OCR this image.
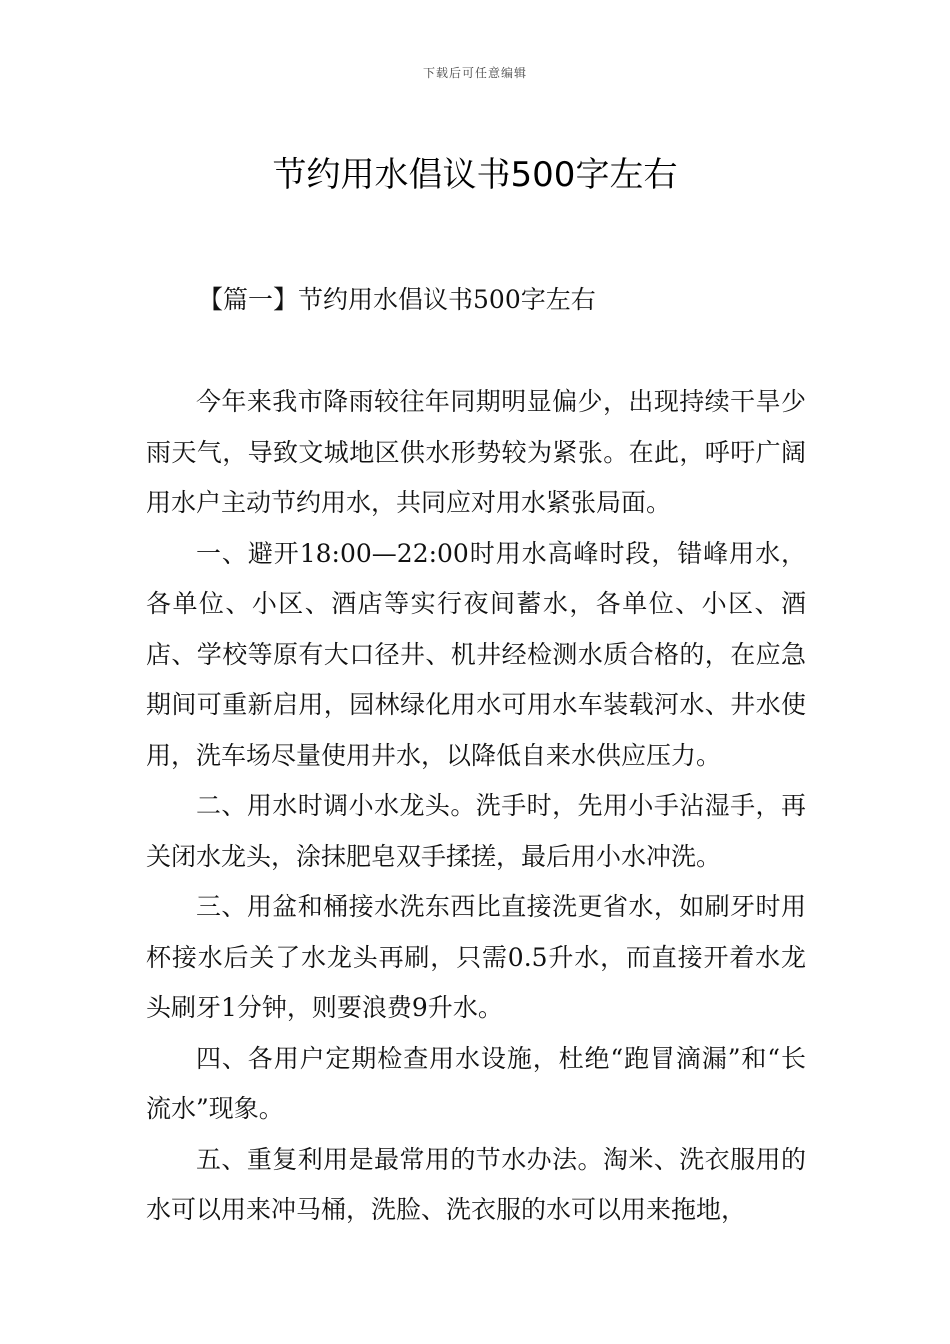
下载后可任意编辑
节约用水倡议书500字左右
【篇一】节约用水倡议书500字左右

今年来我市降雨较往年同期明显偏少，出现持续干旱少雨天气，导致文城地区供水形势较为紧张。在此，呼吁广阔用水户主动节约用水，共同应对用水紧张局面。

一、避开18:00—22:00时用水高峰时段，错峰用水，各单位、小区、酒店等实行夜间蓄水，各单位、小区、酒店、学校等原有大口径井、机井经检测水质合格的，在应急期间可重新启用，园林绿化用水可用水车装载河水、井水使用，洗车场尽量使用井水，以降低自来水供应压力。

二、用水时调小水龙头。洗手时，先用小手沾湿手，再关闭水龙头，涂抹肥皂双手揉搓，最后用小水冲洗。

三、用盆和桶接水洗东西比直接洗更省水，如刷牙时用杯接水后关了水龙头再刷，只需0.5升水，而直接开着水龙头刷牙1分钟，则要浪费9升水。

四、各用户定期检查用水设施，杜绝“跑冒滴漏”和“长流水”现象。

五、重复利用是最常用的节水办法。淘米、洗衣服用的水可以用来冲马桶，洗脸、洗衣服的水可以用来拖地，
